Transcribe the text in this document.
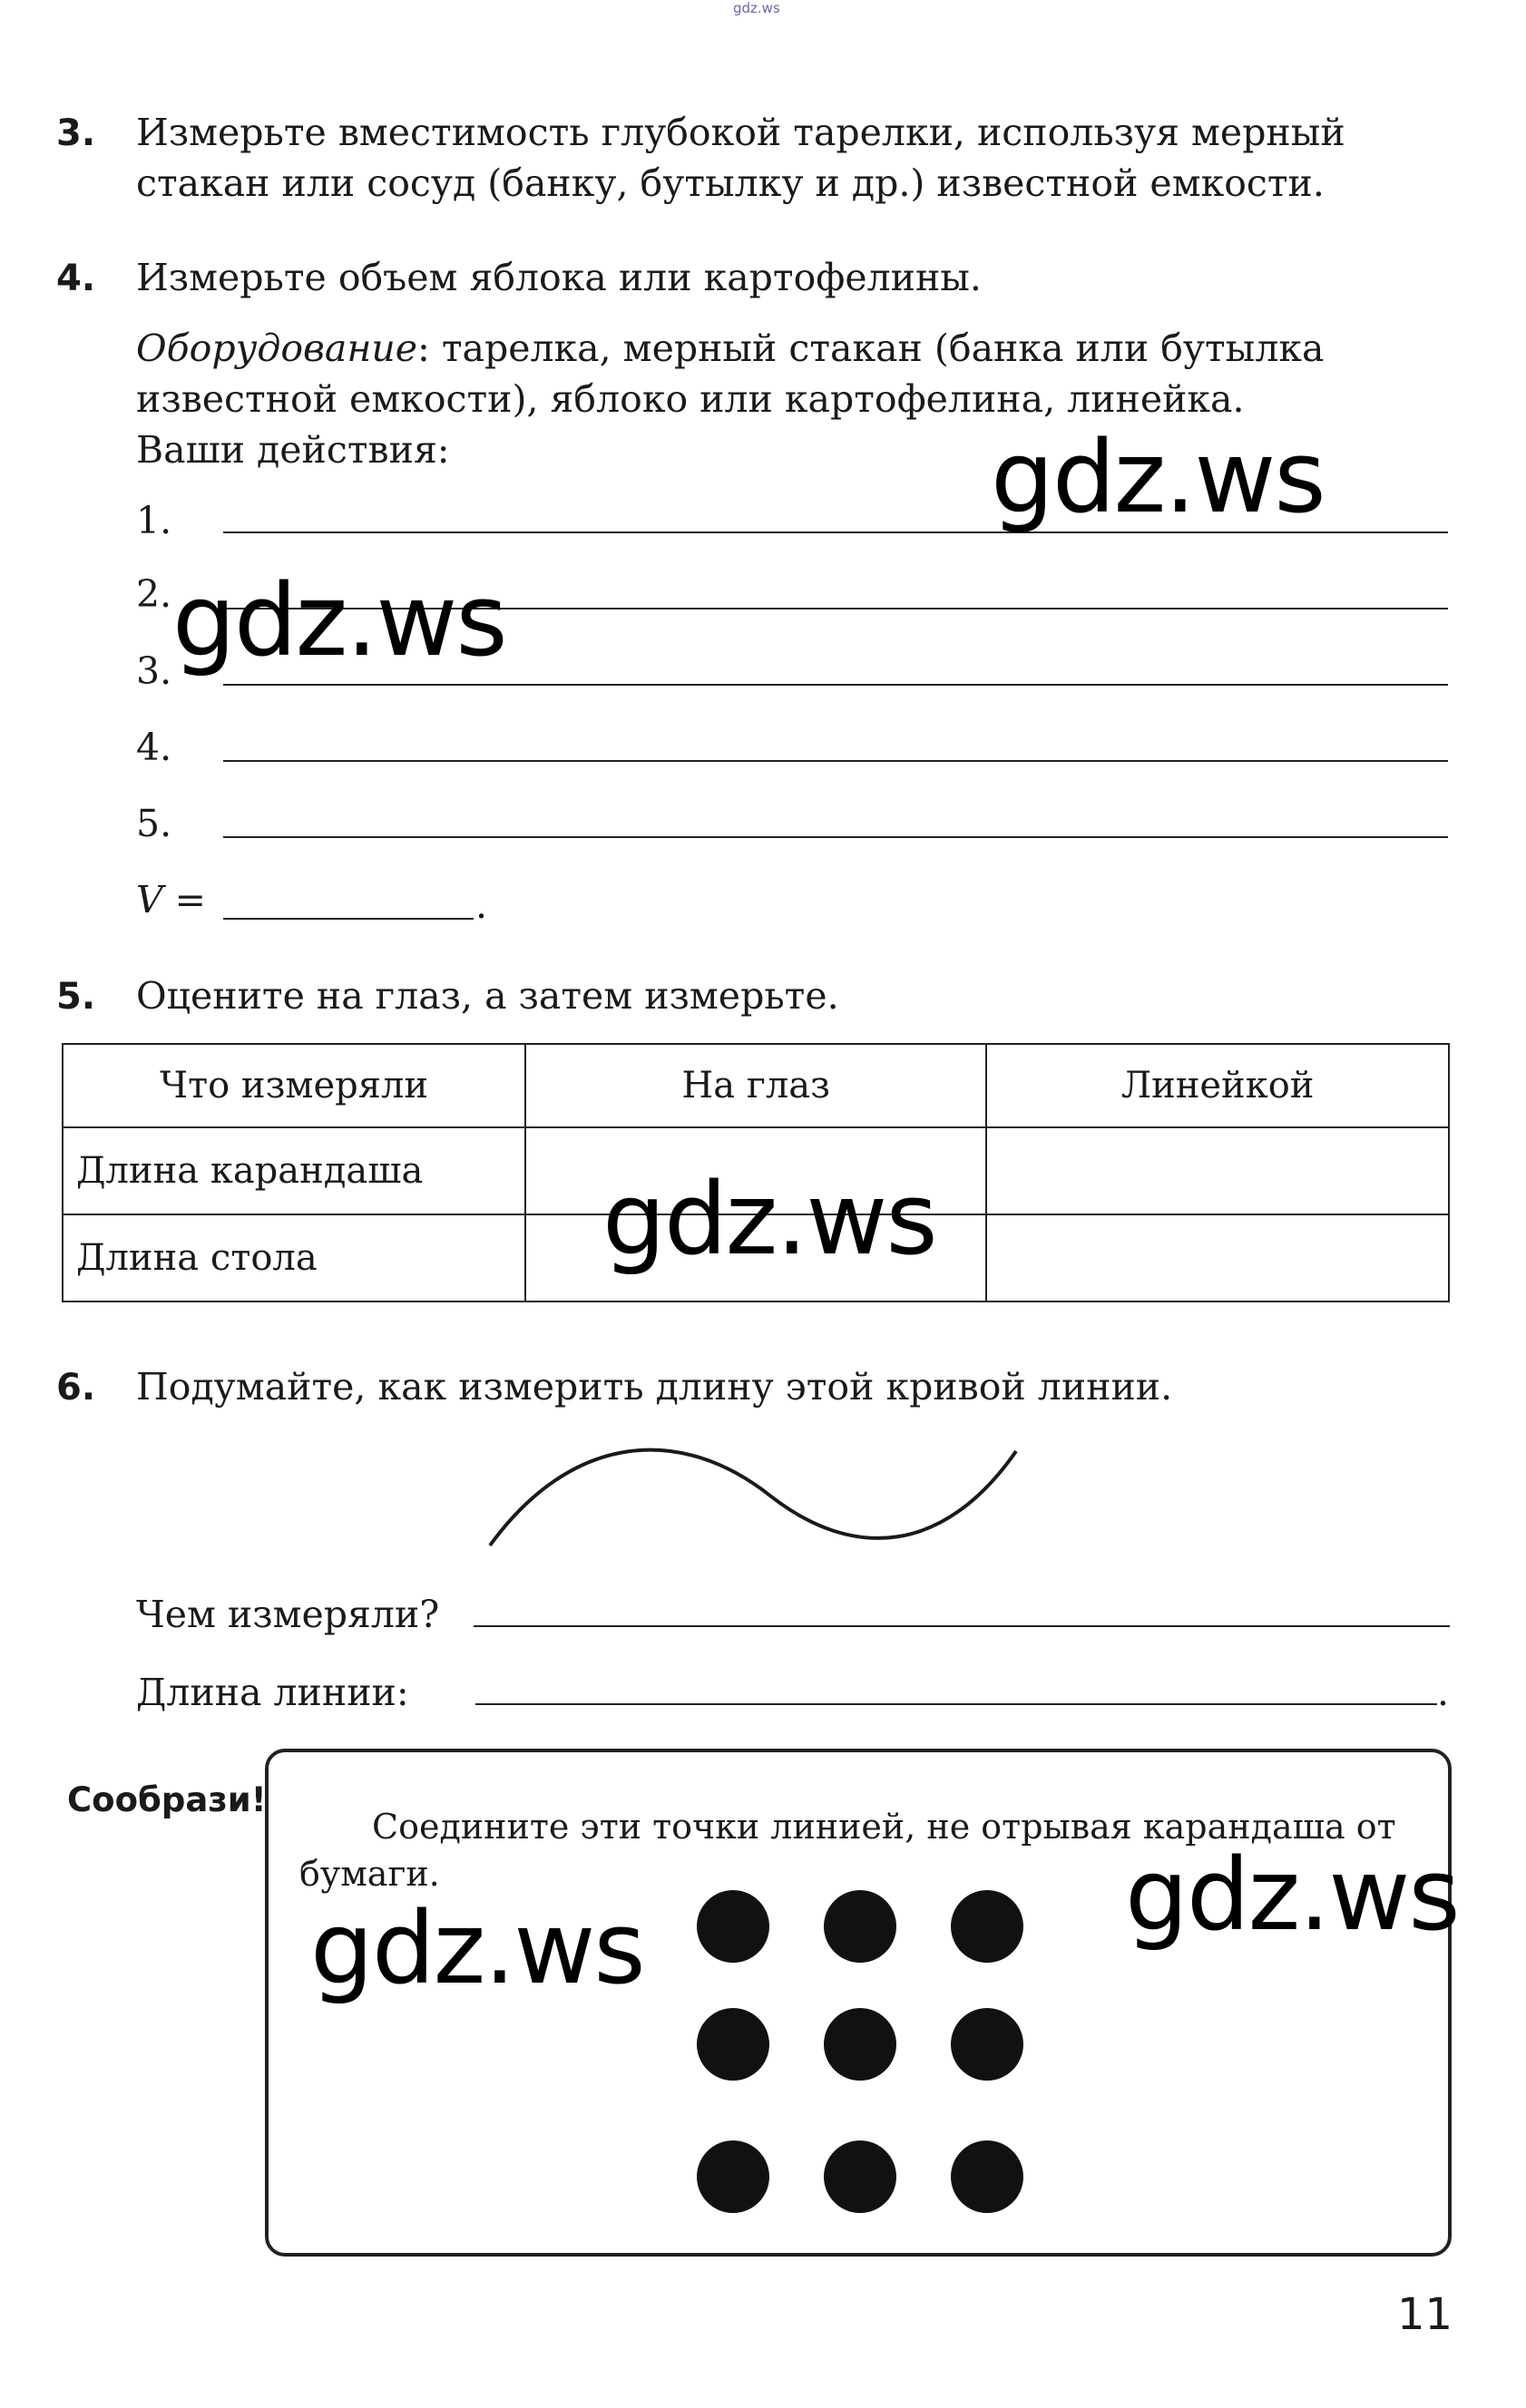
gdz.ws
3. Измерьте вместимость глубокой тарелки, используя мерный
стакан или сосуд (банку, бутылку и др.) известной емкости.
4. Измерьте объем яблока или картофелины.
Оборудование: тарелка, мерный стакан (банка или бутылка
известной емкости), яблоко или картофелина, линейка.
Ваши действия:
1.
2.
3.
4.
5.
V =	.
5. Оцените на глаз, а затем измерьте.
Что измеряли	На глаз	Линейкой
Длина карандаша		
Длина стола		
6. Подумайте, как измерить длину этой кривой линии.
Чем измеряли?
Длина линии:	.
Сообрази!
Соедините эти точки линией, не отрывая карандаша от
бумаги.
gdz.ws
gdz.ws
gdz.ws
gdz.ws
gdz.ws
11
